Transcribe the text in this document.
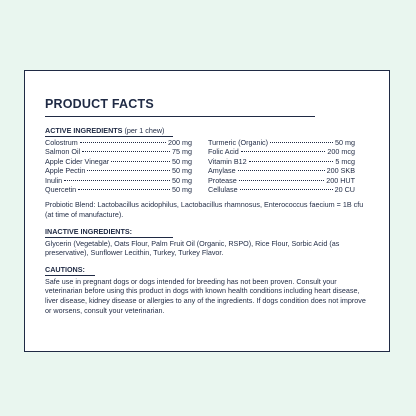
PRODUCT FACTS
ACTIVE INGREDIENTS (per 1 chew)
Colostrum	200 mg
Salmon Oil	75 mg
Apple Cider Vinegar	50 mg
Apple Pectin	50 mg
Inulin	50 mg
Quercetin	50 mg
Turmeric (Organic)	50 mg
Folic Acid	200 mcg
Vitamin B12	5 mcg
Amylase	200 SKB
Protease	200 HUT
Cellulase	20 CU

Probiotic Blend: Lactobacillus acidophilus, Lactobacillus rhamnosus, Enterococcus faecium = 1B cfu (at time of manufacture).

INACTIVE INGREDIENTS:

Glycerin (Vegetable), Oats Flour, Palm Fruit Oil (Organic, RSPO), Rice Flour, Sorbic Acid (as preservative), Sunflower Lecithin, Turkey, Turkey Flavor.

CAUTIONS:

Safe use in pregnant dogs or dogs intended for breeding has not been proven. Consult your veterinarian before using this product in dogs with known health conditions including heart disease, liver disease, kidney disease or allergies to any of the ingredients. If dogs condition does not improve or worsens, consult your veterinarian.
